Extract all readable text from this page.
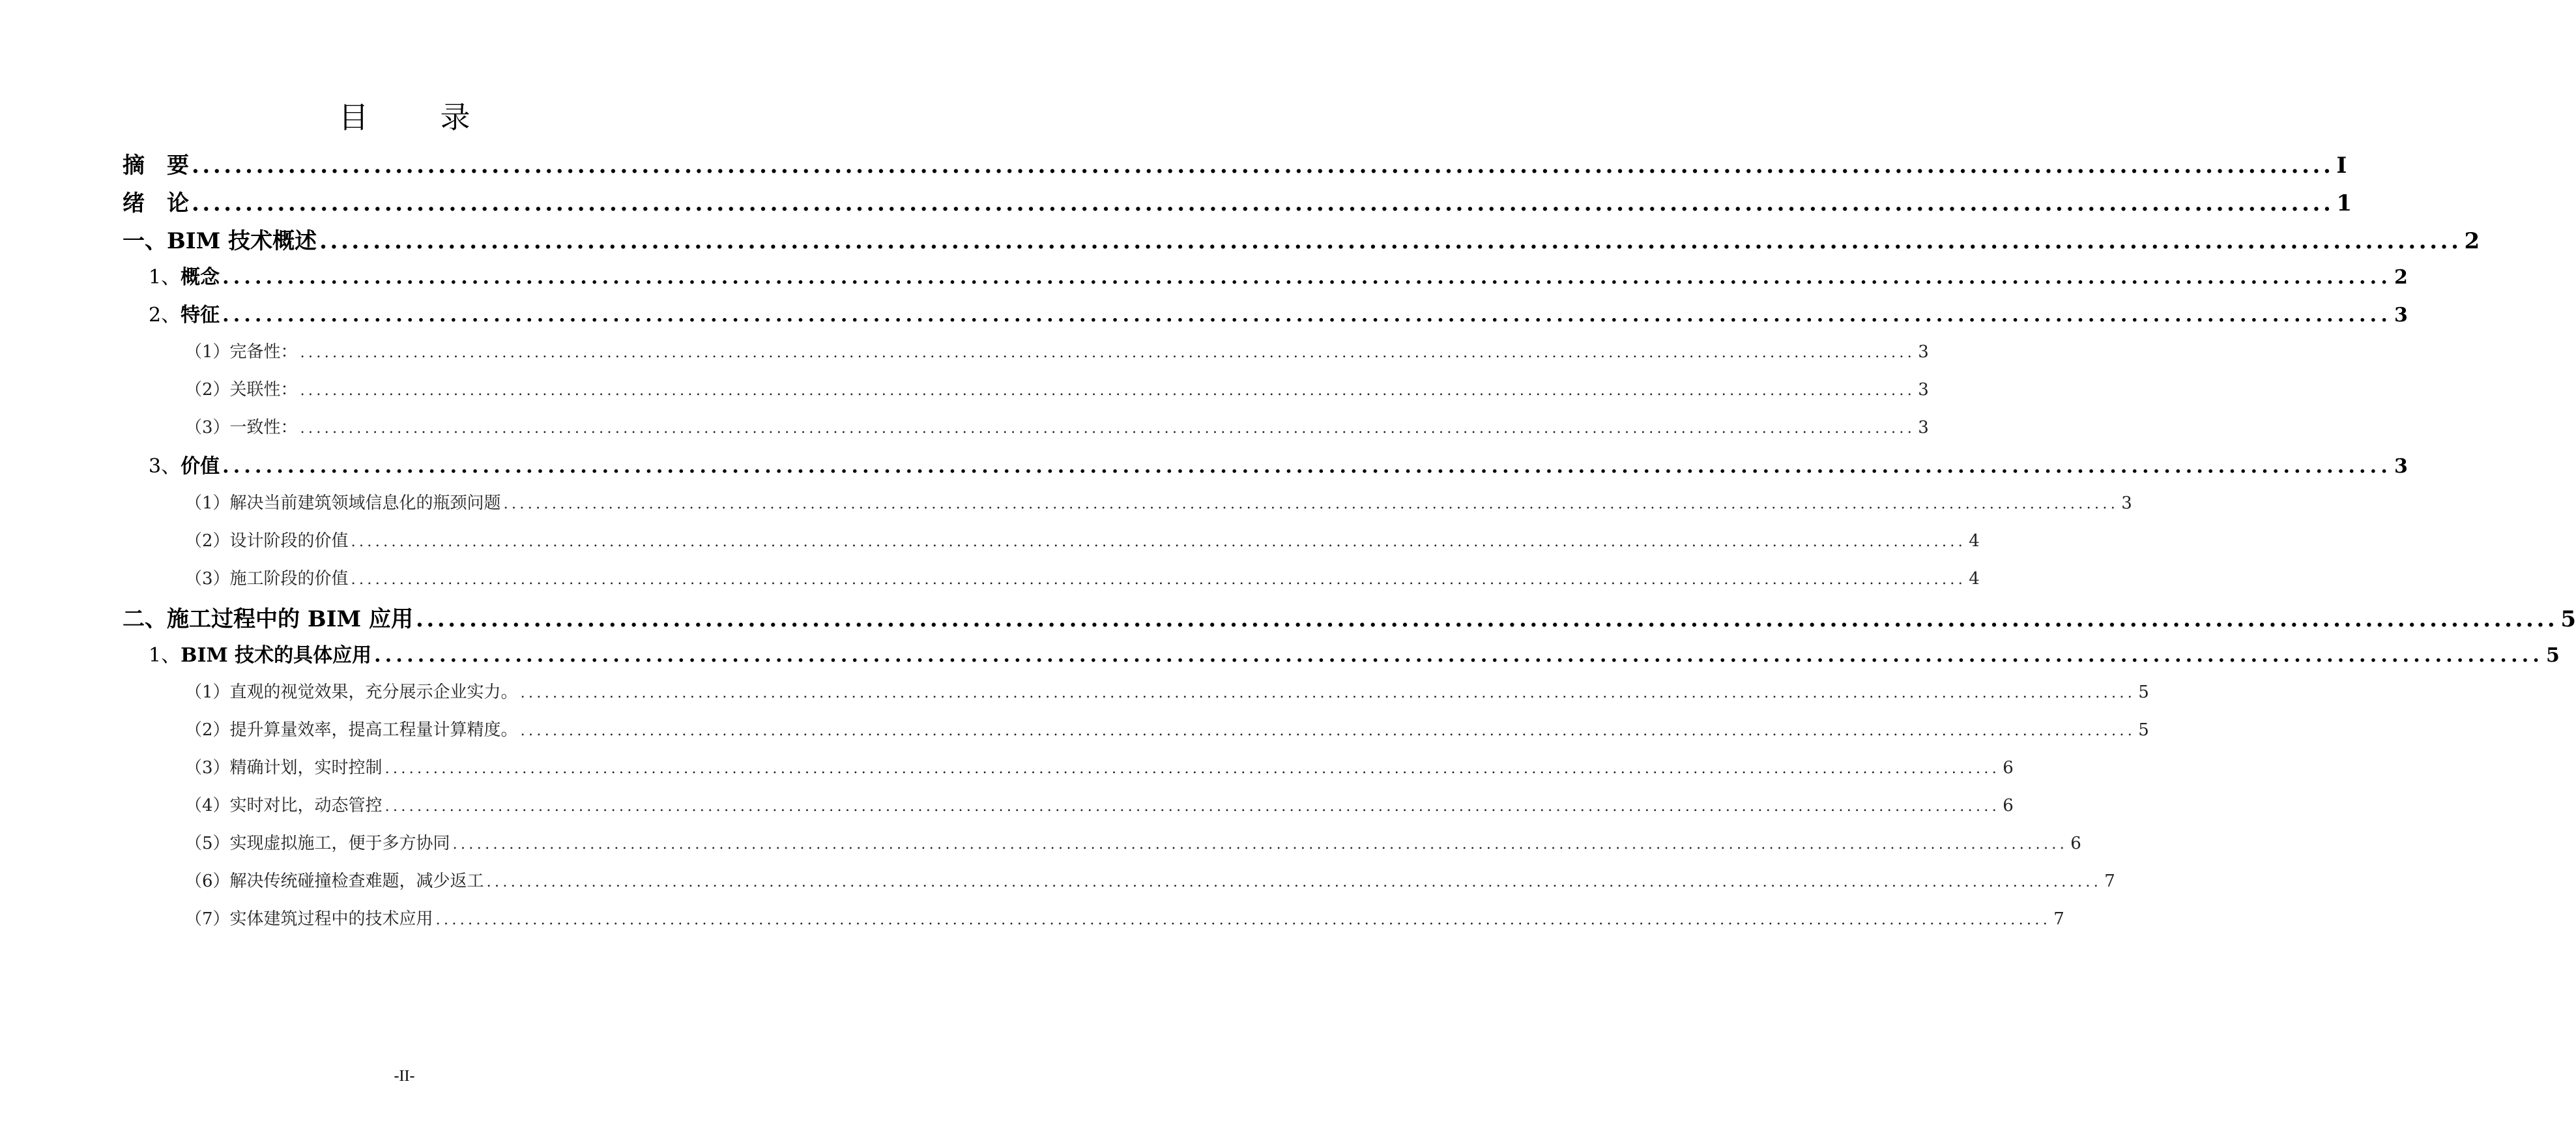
目 录
摘　要 ........................................................................................................................................................................................................ I
绪　论 ........................................................................................................................................................................................................ 1
一、 BIM 技术概述 ........................................................................................................................................................................................................ 2
1、 概念 ........................................................................................................................................................................................................ 2
2、 特征 ........................................................................................................................................................................................................ 3
（1） 完备性： ........................................................................................................................................................................................................ 3
（2） 关联性： ........................................................................................................................................................................................................ 3
（3） 一致性： ........................................................................................................................................................................................................ 3
3、 价值 ........................................................................................................................................................................................................ 3
（1） 解决当前建筑领域信息化的瓶颈问题 ........................................................................................................................................................................................................ 3
（2） 设计阶段的价值 ........................................................................................................................................................................................................ 4
（3） 施工阶段的价值 ........................................................................................................................................................................................................ 4
二、 施工过程中的 BIM 应用 ........................................................................................................................................................................................................ 5
1、 BIM 技术的具体应用 ........................................................................................................................................................................................................ 5
（1） 直观的视觉效果，充分展示企业实力。 ........................................................................................................................................................................................................ 5
（2） 提升算量效率，提高工程量计算精度。 ........................................................................................................................................................................................................ 5
（3） 精确计划，实时控制 ........................................................................................................................................................................................................ 6
（4） 实时对比，动态管控 ........................................................................................................................................................................................................ 6
（5） 实现虚拟施工，便于多方协同 ........................................................................................................................................................................................................ 6
（6） 解决传统碰撞检查难题，减少返工 ........................................................................................................................................................................................................ 7
（7） 实体建筑过程中的技术应用 ........................................................................................................................................................................................................ 7
-II-
